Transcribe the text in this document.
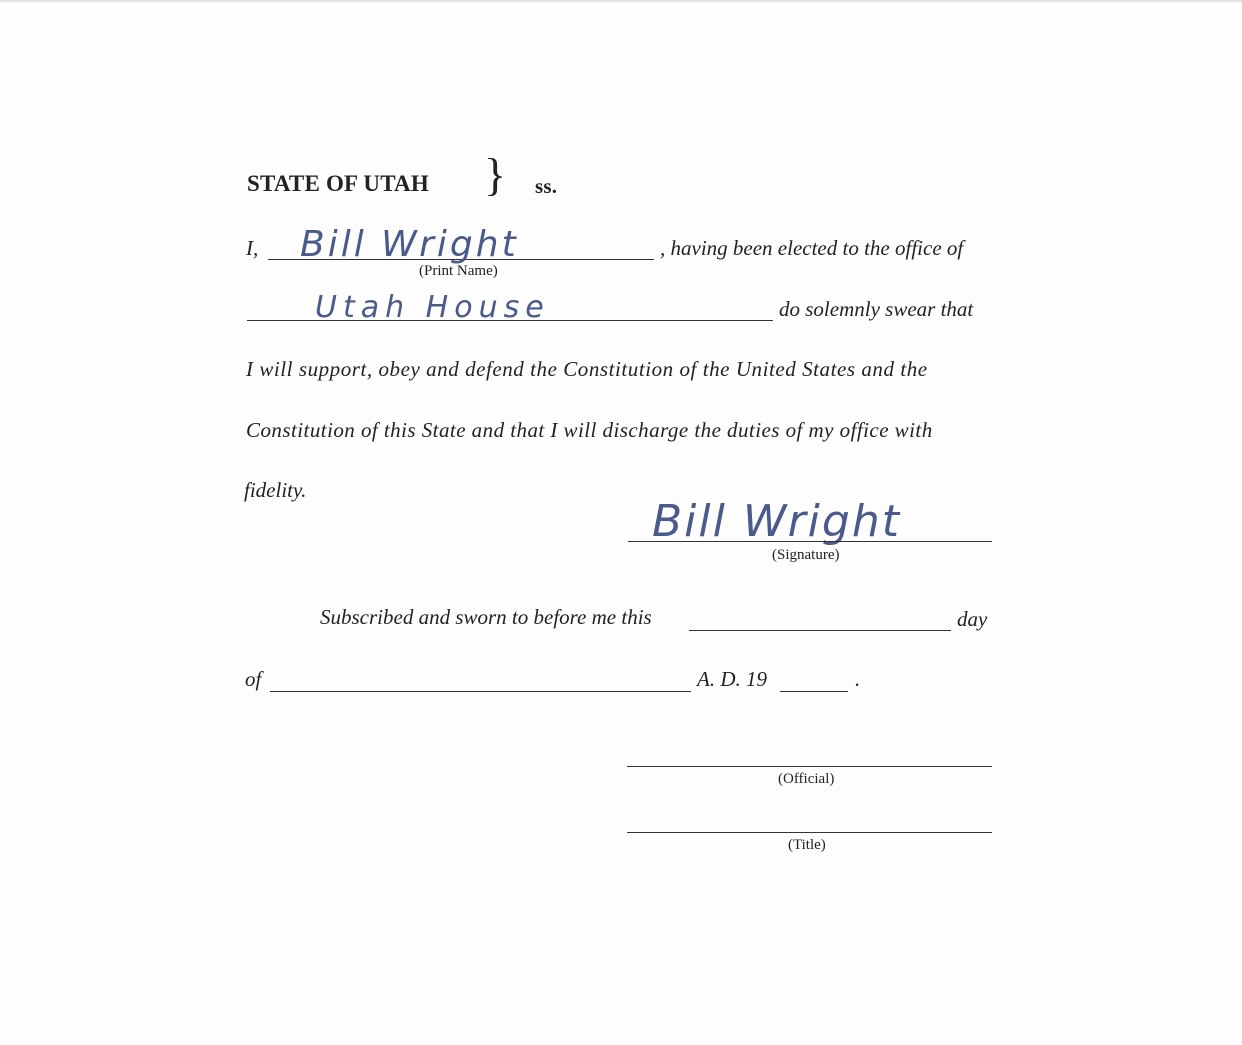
STATE OF UTAH } ss.
I, Bill Wright
(Print Name)
, having been elected to the office of
Utah House	do solemnly swear that
I will support, obey and defend the Constitution of the United States and the
Constitution of this State and that I will discharge the duties of my office with
fidelity.
Bill Wright
(Signature)
Subscribed and sworn to before me this	day
of	A. D. 19	.
(Official)
(Title)
